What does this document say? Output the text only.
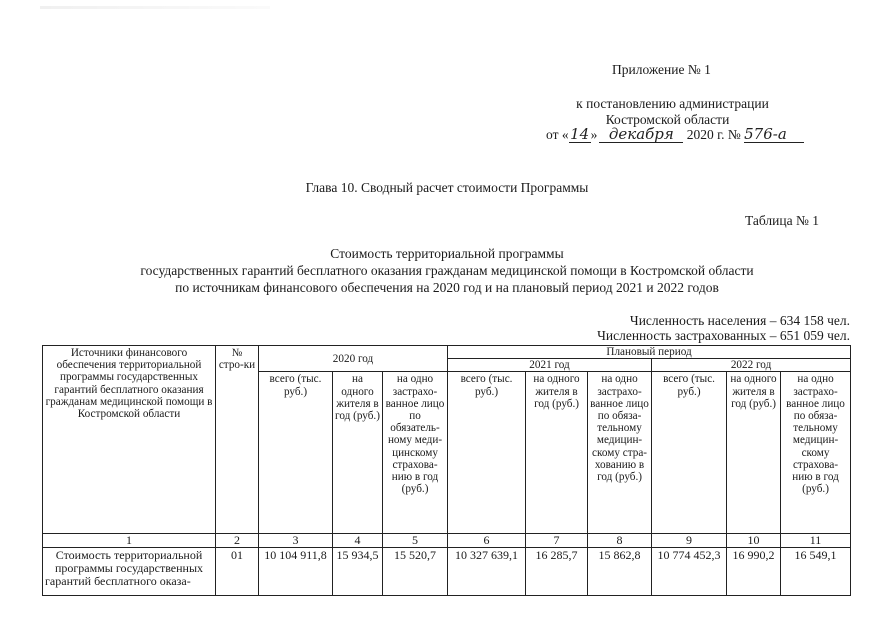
Приложение № 1
к постановлению администрации
Костромской области
от «14» декабря 2020 г. № 576-а
Глава 10. Сводный расчет стоимости Программы
Таблица № 1
Стоимость территориальной программы
государственных гарантий бесплатного оказания гражданам медицинской помощи в Костромской области
по источникам финансового обеспечения на 2020 год и на плановый период 2021 и 2022 годов
Численность населения – 634 158 чел.
Численность застрахованных – 651 059 чел.
Источники финансового обеспечения территориальной программы государственных гарантий бесплатного оказания гражданам медицинской помощи в Костромской области	№ стро-ки	2020 год			Плановый период					
					2021 год			2022 год		
		всего (тыс. руб.)	на одного жителя в год (руб.)	на одно застрахо-ванное лицо по обязатель-ному меди-цинскому страхова-нию в год (руб.)	всего (тыс. руб.)	на одного жителя в год (руб.)	на одно застрахо-ванное лицо по обяза-тельному медицин-скому стра-хованию в год (руб.)	всего (тыс. руб.)	на одного жителя в год (руб.)	на одно застрахо-ванное лицо по обяза-тельному медицин-скому страхова-нию в год (руб.)
1	2	3	4	5	6	7	8	9	10	11
Стоимость территориальной программы государственных гарантий бесплатного оказа-	01	10 104 911,8	15 934,5	15 520,7	10 327 639,1	16 285,7	15 862,8	10 774 452,3	16 990,2	16 549,1
